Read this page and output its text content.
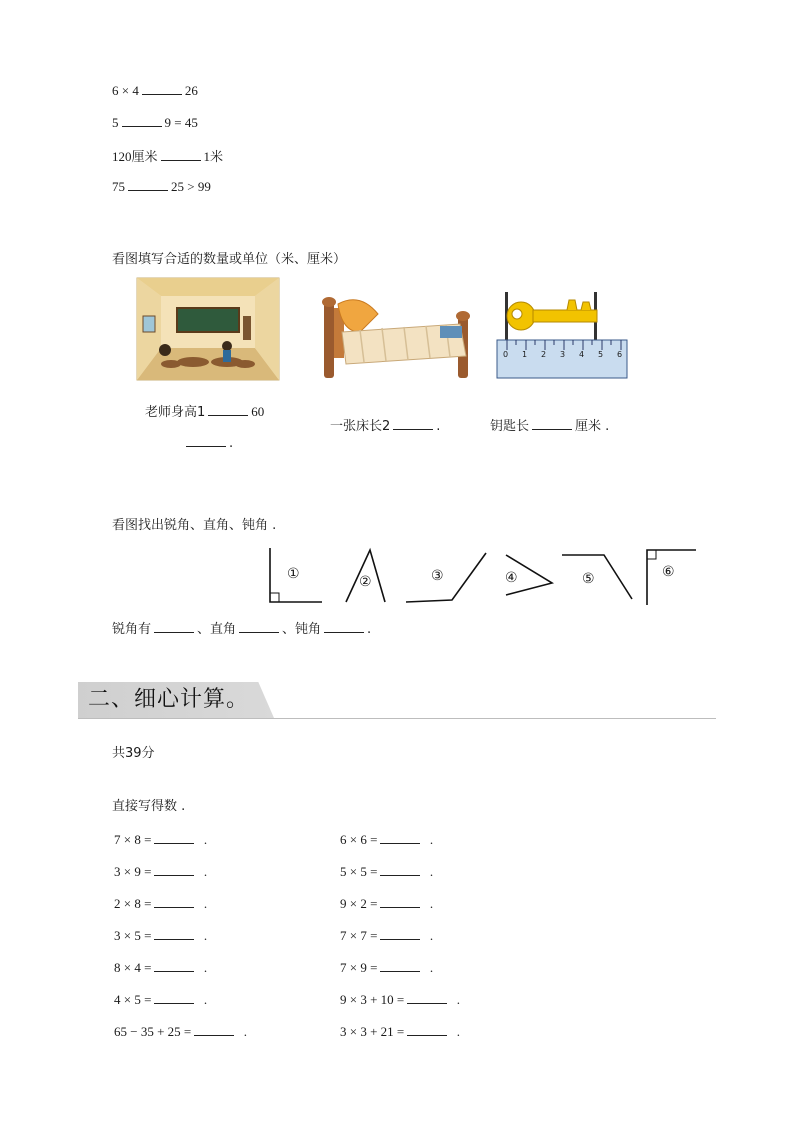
6 × 4	26
5	9 = 45
120厘米	1米
75	25 > 99
看图填写合适的数量或单位（米、厘米）
0 1 2 3 4 5 6
老师身高1	60
.
一张床长2	.	钥匙长	厘米 .
看图找出锐角、直角、钝角 .
①	②	③	④	⑤	⑥
锐角有	、直角	、钝角	.
二、细心计算。
共39分
直接写得数 .
7 × 8 =	.
3 × 9 =	.
2 × 8 =	.
3 × 5 =	.
8 × 4 =	.
4 × 5 =	.
65 − 35 + 25 =	.
6 × 6 =	.
5 × 5 =	.
9 × 2 =	.
7 × 7 =	.
7 × 9 =	.
9 × 3 + 10 =	.
3 × 3 + 21 =	.
